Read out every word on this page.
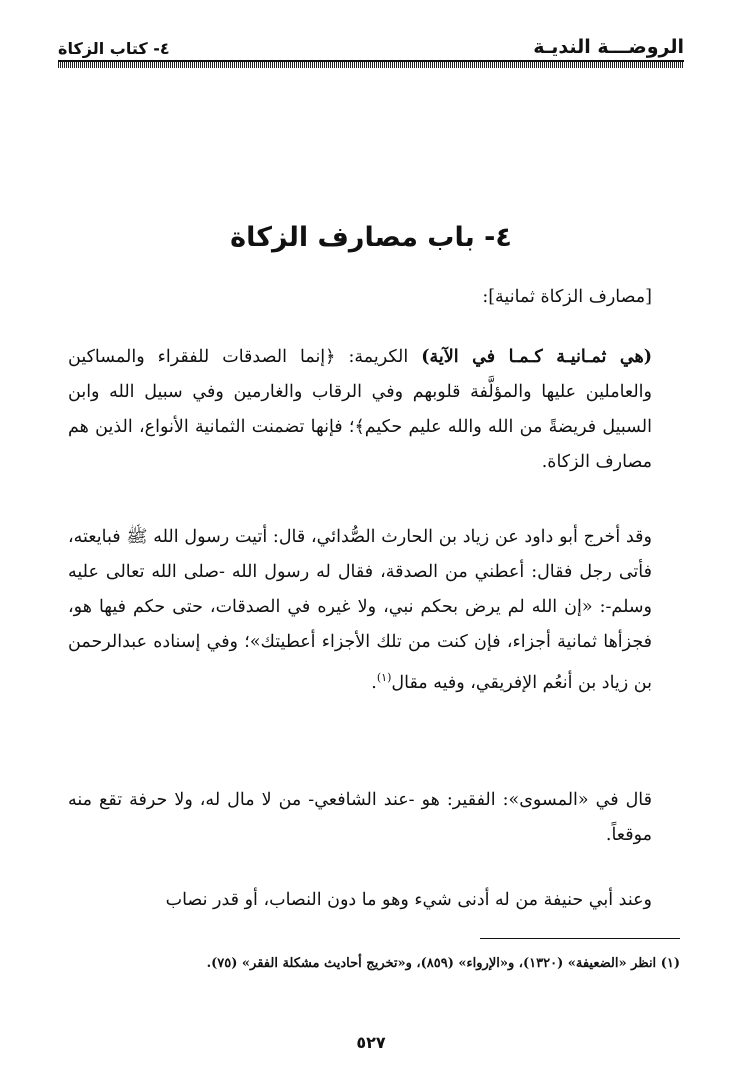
الروضـــة النديـة
٤- كتاب الزكاة
٤- باب مصارف الزكاة
[مصارف الزكاة ثمانية]:
(هي ثمـانيـة كـمـا في الآية) الكريمة: ﴿إنما الصدقات للفقراء والمساكين والعاملين عليها والمؤلَّفة قلوبهم وفي الرقاب والغارمين وفي سبيل الله وابن السبيل فريضةً من الله والله عليم حكيم﴾؛ فإنها تضمنت الثمانية الأنواع، الذين هم مصارف الزكاة.
وقد أخرج أبو داود عن زياد بن الحارث الصُّدائي، قال: أتيت رسول الله ﷺ فبايعته، فأتى رجل فقال: أعطني من الصدقة، فقال له رسول الله -صلى الله تعالى عليه وسلم-: «إن الله لم يرض بحكم نبي، ولا غيره في الصدقات، حتى حكم فيها هو، فجزأها ثمانية أجزاء، فإن كنت من تلك الأجزاء أعطيتك»؛ وفي إسناده عبدالرحمن بن زياد بن أنعُم الإفريقي، وفيه مقال$^{(١)}$.
قال في «المسوى»: الفقير: هو -عند الشافعي- من لا مال له، ولا حرفة تقع منه موقعاً.
وعند أبي حنيفة من له أدنى شيء وهو ما دون النصاب، أو قدر نصاب
(١) انظر «الضعيفة» (١٣٢٠)، و«الإرواء» (٨٥٩)، و«تخريج أحاديث مشكلة الفقر» (٧٥).
٥٢٧
